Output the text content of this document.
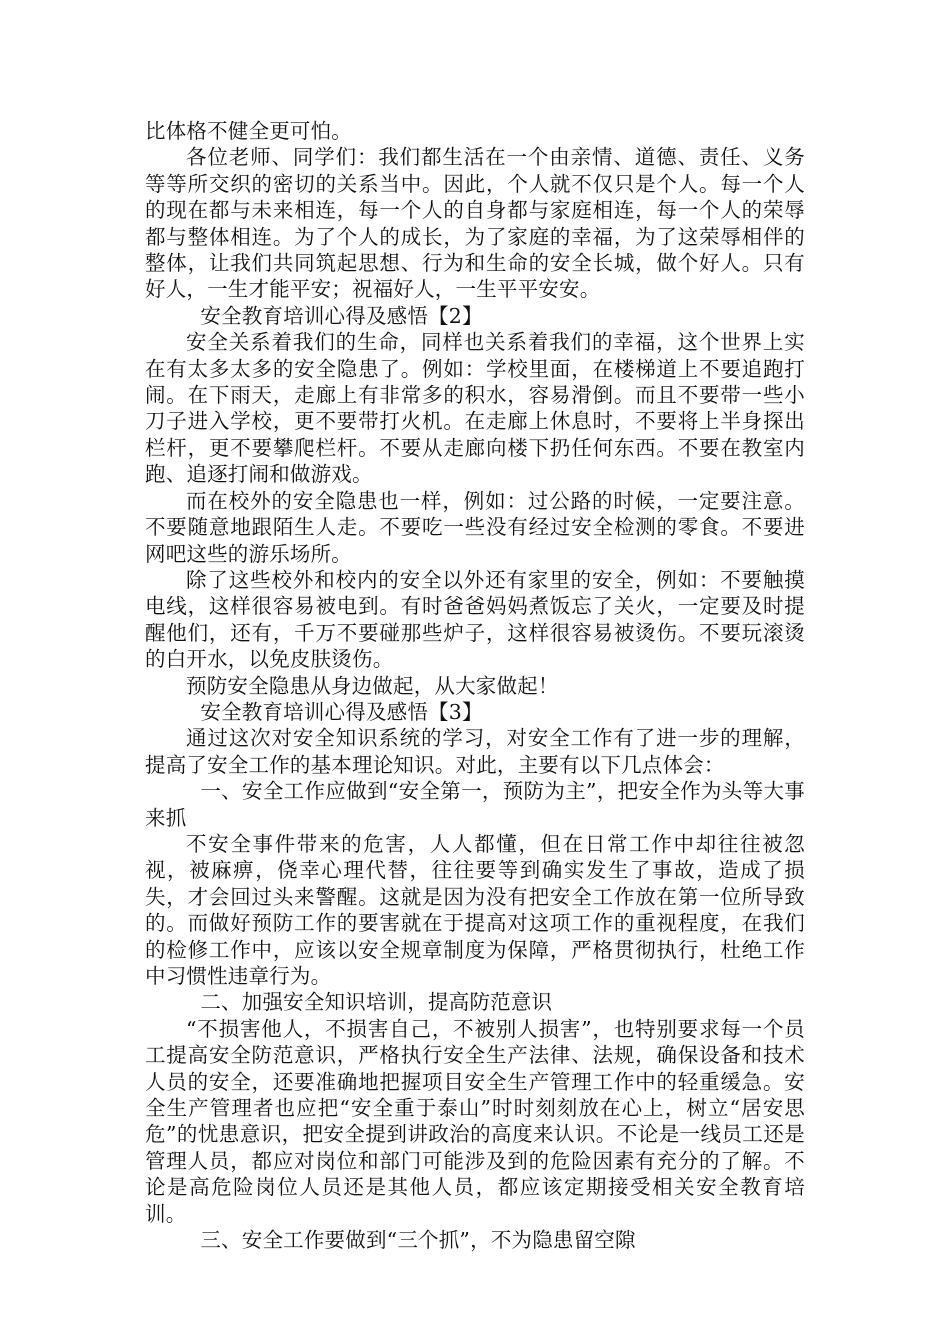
比体格不健全更可怕。

各位老师、同学们：我们都生活在一个由亲情、道德、责任、义务等等所交织的密切的关系当中。因此，个人就不仅只是个人。每一个人的现在都与未来相连，每一个人的自身都与家庭相连，每一个人的荣辱都与整体相连。为了个人的成长，为了家庭的幸福，为了这荣辱相伴的整体，让我们共同筑起思想、行为和生命的安全长城，做个好人。只有好人，一生才能平安；祝福好人，一生平平安安。

安全教育培训心得及感悟【2】

安全关系着我们的生命，同样也关系着我们的幸福，这个世界上实在有太多太多的安全隐患了。例如：学校里面，在楼梯道上不要追跑打闹。在下雨天，走廊上有非常多的积水，容易滑倒。而且不要带一些小刀子进入学校，更不要带打火机。在走廊上休息时，不要将上半身探出栏杆，更不要攀爬栏杆。不要从走廊向楼下扔任何东西。不要在教室内跑、追逐打闹和做游戏。

而在校外的安全隐患也一样，例如：过公路的时候，一定要注意。不要随意地跟陌生人走。不要吃一些没有经过安全检测的零食。不要进网吧这些的游乐场所。

除了这些校外和校内的安全以外还有家里的安全，例如：不要触摸电线，这样很容易被电到。有时爸爸妈妈煮饭忘了关火，一定要及时提醒他们，还有，千万不要碰那些炉子，这样很容易被烫伤。不要玩滚烫的白开水，以免皮肤烫伤。

预防安全隐患从身边做起，从大家做起！

安全教育培训心得及感悟【3】

通过这次对安全知识系统的学习，对安全工作有了进一步的理解，提高了安全工作的基本理论知识。对此，主要有以下几点体会：

一、安全工作应做到“安全第一，预防为主”，把安全作为头等大事来抓

不安全事件带来的危害，人人都懂，但在日常工作中却往往被忽视，被麻痹，侥幸心理代替，往往要等到确实发生了事故，造成了损失，才会回过头来警醒。这就是因为没有把安全工作放在第一位所导致的。而做好预防工作的要害就在于提高对这项工作的重视程度，在我们的检修工作中，应该以安全规章制度为保障，严格贯彻执行，杜绝工作中习惯性违章行为。

二、加强安全知识培训，提高防范意识

“不损害他人，不损害自己，不被别人损害”，也特别要求每一个员工提高安全防范意识，严格执行安全生产法律、法规，确保设备和技术人员的安全，还要准确地把握项目安全生产管理工作中的轻重缓急。安全生产管理者也应把“安全重于泰山”时时刻刻放在心上，树立“居安思危”的忧患意识，把安全提到讲政治的高度来认识。不论是一线员工还是管理人员，都应对岗位和部门可能涉及到的危险因素有充分的了解。不论是高危险岗位人员还是其他人员，都应该定期接受相关安全教育培训。

三、安全工作要做到“三个抓”，不为隐患留空隙
